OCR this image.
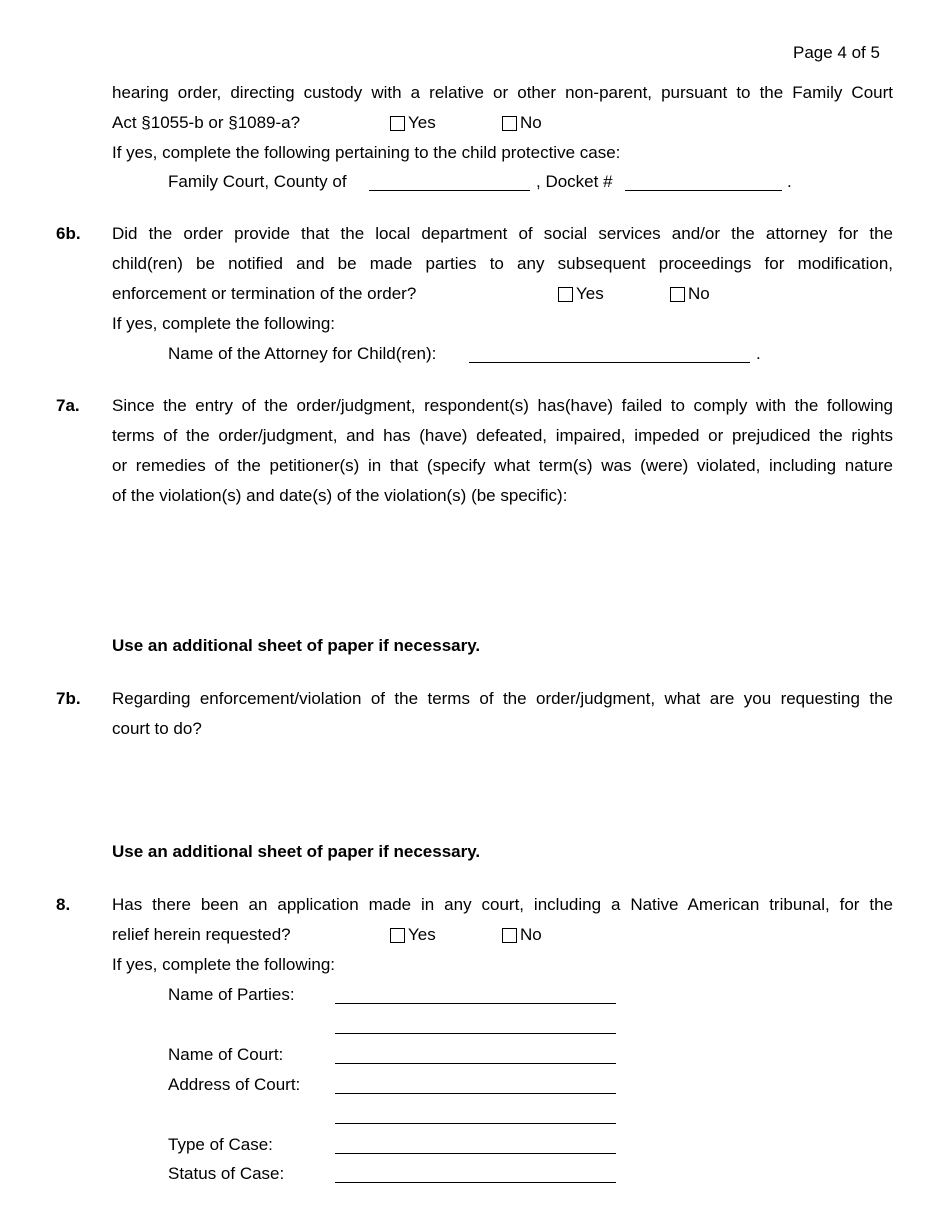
Page 4 of 5
hearing order, directing custody with a relative or other non-parent, pursuant to the Family Court
Act §1055-b or §1089-a?	Yes	No
If yes, complete the following pertaining to the child protective case:
Family Court, County of	, Docket #	.
6b. Did the order provide that the local department of social services and/or the attorney for the
child(ren) be notified and be made parties to any subsequent proceedings for modification,
enforcement or termination of the order?	Yes	No
If yes, complete the following:
Name of the Attorney for Child(ren):	.
7a. Since the entry of the order/judgment, respondent(s) has(have) failed to comply with the following
terms of the order/judgment, and has (have) defeated, impaired, impeded or prejudiced the rights
or remedies of the petitioner(s) in that (specify what term(s) was (were) violated, including nature
of the violation(s) and date(s) of the violation(s) (be specific):
Use an additional sheet of paper if necessary.
7b. Regarding enforcement/violation of the terms of the order/judgment, what are you requesting the
court to do?
Use an additional sheet of paper if necessary.
8. Has there been an application made in any court, including a Native American tribunal, for the
relief herein requested?	Yes	No
If yes, complete the following:
Name of Parties:
Name of Court:
Address of Court:
Type of Case:
Status of Case:
